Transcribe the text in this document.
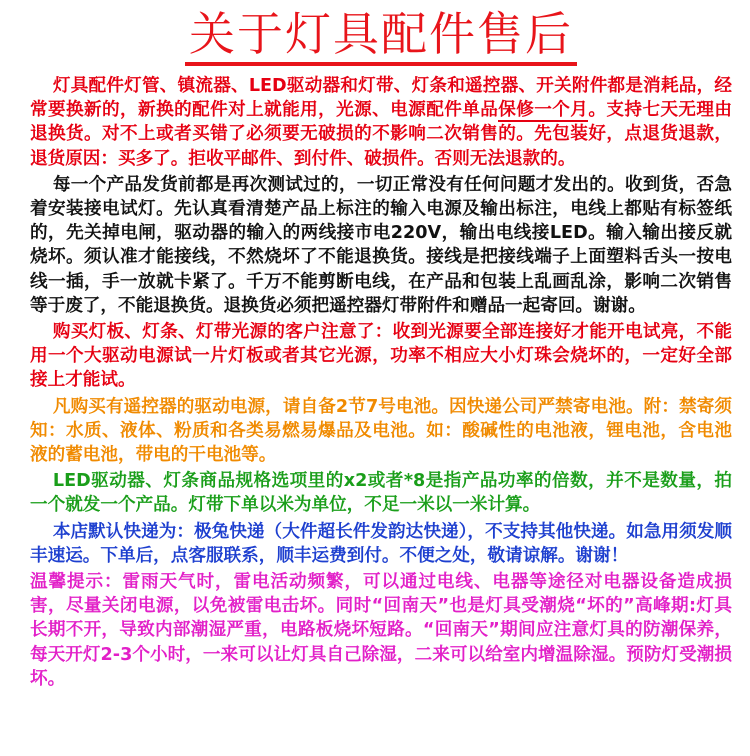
关于灯具配件售后

灯具配件灯管、镇流器、LED驱动器和灯带、灯条和遥控器、开关附件都是消耗品，经常要换新的，新换的配件对上就能用，光源、电源配件单品保修一个月。支持七天无理由退换货。对不上或者买错了必须要无破损的不影响二次销售的。先包装好，点退货退款，退货原因：买多了。拒收平邮件、到付件、破损件。否则无法退款的。

每一个产品发货前都是再次测试过的，一切正常没有任何问题才发出的。收到货，否急着安装接电试灯。先认真看清楚产品上标注的输入电源及输出标注，电线上都贴有标签纸的，先关掉电闸，驱动器的输入的两线接市电220V，输出电线接LED。输入输出接反就烧坏。须认准才能接线，不然烧坏了不能退换货。接线是把接线端子上面塑料舌头一按电线一插，手一放就卡紧了。千万不能剪断电线，在产品和包装上乱画乱涂，影响二次销售等于废了，不能退换货。退换货必须把遥控器灯带附件和赠品一起寄回。谢谢。

购买灯板、灯条、灯带光源的客户注意了：收到光源要全部连接好才能开电试亮，不能用一个大驱动电源试一片灯板或者其它光源，功率不相应大小灯珠会烧坏的，一定好全部接上才能试。

凡购买有遥控器的驱动电源，请自备2节7号电池。因快递公司严禁寄电池。附：禁寄须知：水质、液体、粉质和各类易燃易爆品及电池。如：酸碱性的电池液，锂电池，含电池液的蓄电池，带电的干电池等。

LED驱动器、灯条商品规格选项里的x2或者*8是指产品功率的倍数，并不是数量，拍一个就发一个产品。灯带下单以米为单位，不足一米以一米计算。

本店默认快递为：极兔快递（大件超长件发韵达快递），不支持其他快递。如急用须发顺丰速运。下单后，点客服联系，顺丰运费到付。不便之处，敬请谅解。谢谢！

温馨提示：雷雨天气时，雷电活动频繁，可以通过电线、电器等途径对电器设备造成损害，尽量关闭电源，以免被雷电击坏。同时“回南天”也是灯具受潮烧“坏的”高峰期:灯具长期不开，导致内部潮湿严重，电路板烧坏短路。“回南天”期间应注意灯具的防潮保养，每天开灯2-3个小时，一来可以让灯具自己除湿，二来可以给室内增温除湿。预防灯受潮损坏。
